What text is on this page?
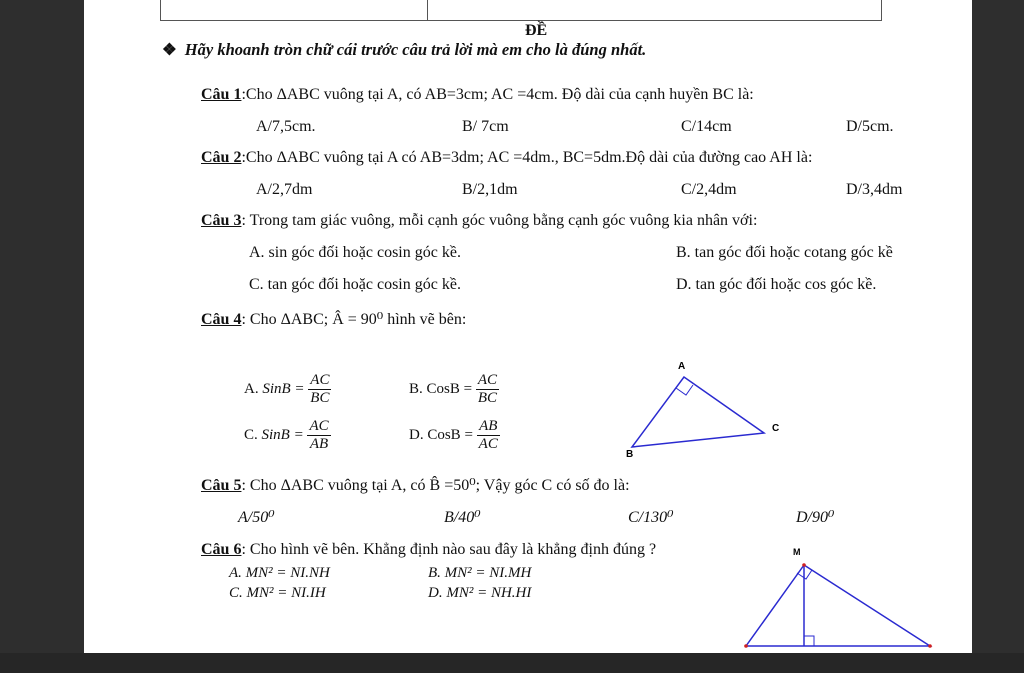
ĐỀ
❖ Hãy khoanh tròn chữ cái trước câu trả lời mà em cho là đúng nhất.
Câu 1:Cho ΔABC vuông tại A, có AB=3cm; AC =4cm. Độ dài của cạnh huyền BC là:
A/7,5cm.	B/ 7cm	C/14cm	D/5cm.
Câu 2:Cho ΔABC vuông tại A có AB=3dm; AC =4dm., BC=5dm.Độ dài của đường cao AH là:
A/2,7dm	B/2,1dm	C/2,4dm	D/3,4dm
Câu 3: Trong tam giác vuông, mỗi cạnh góc vuông bằng cạnh góc vuông kia nhân với:
A. sin góc đối hoặc cosin góc kề.	B. tan góc đối hoặc cotang góc kề
C. tan góc đối hoặc cosin góc kề.	D. tan góc đối hoặc cos góc kề.
Câu 4: Cho ΔABC; Â = 90⁰ hình vẽ bên:
A. SinB = $\frac{AC}{BC}$	B. CosB = $\frac{AC}{BC}$
C. SinB = $\frac{AC}{AB}$	D. CosB = $\frac{AB}{AC}$
A
B
C
Câu 5: Cho ΔABC vuông tại A, có B̂ =50⁰; Vậy góc C có số đo là:
A/50⁰	B/40⁰	C/130⁰	D/90⁰
Câu 6: Cho hình vẽ bên. Khẳng định nào sau đây là khẳng định đúng ?
A. MN² = NI.NH	B. MN² = NI.MH
C. MN² = NI.IH	D. MN² = NH.HI
M
